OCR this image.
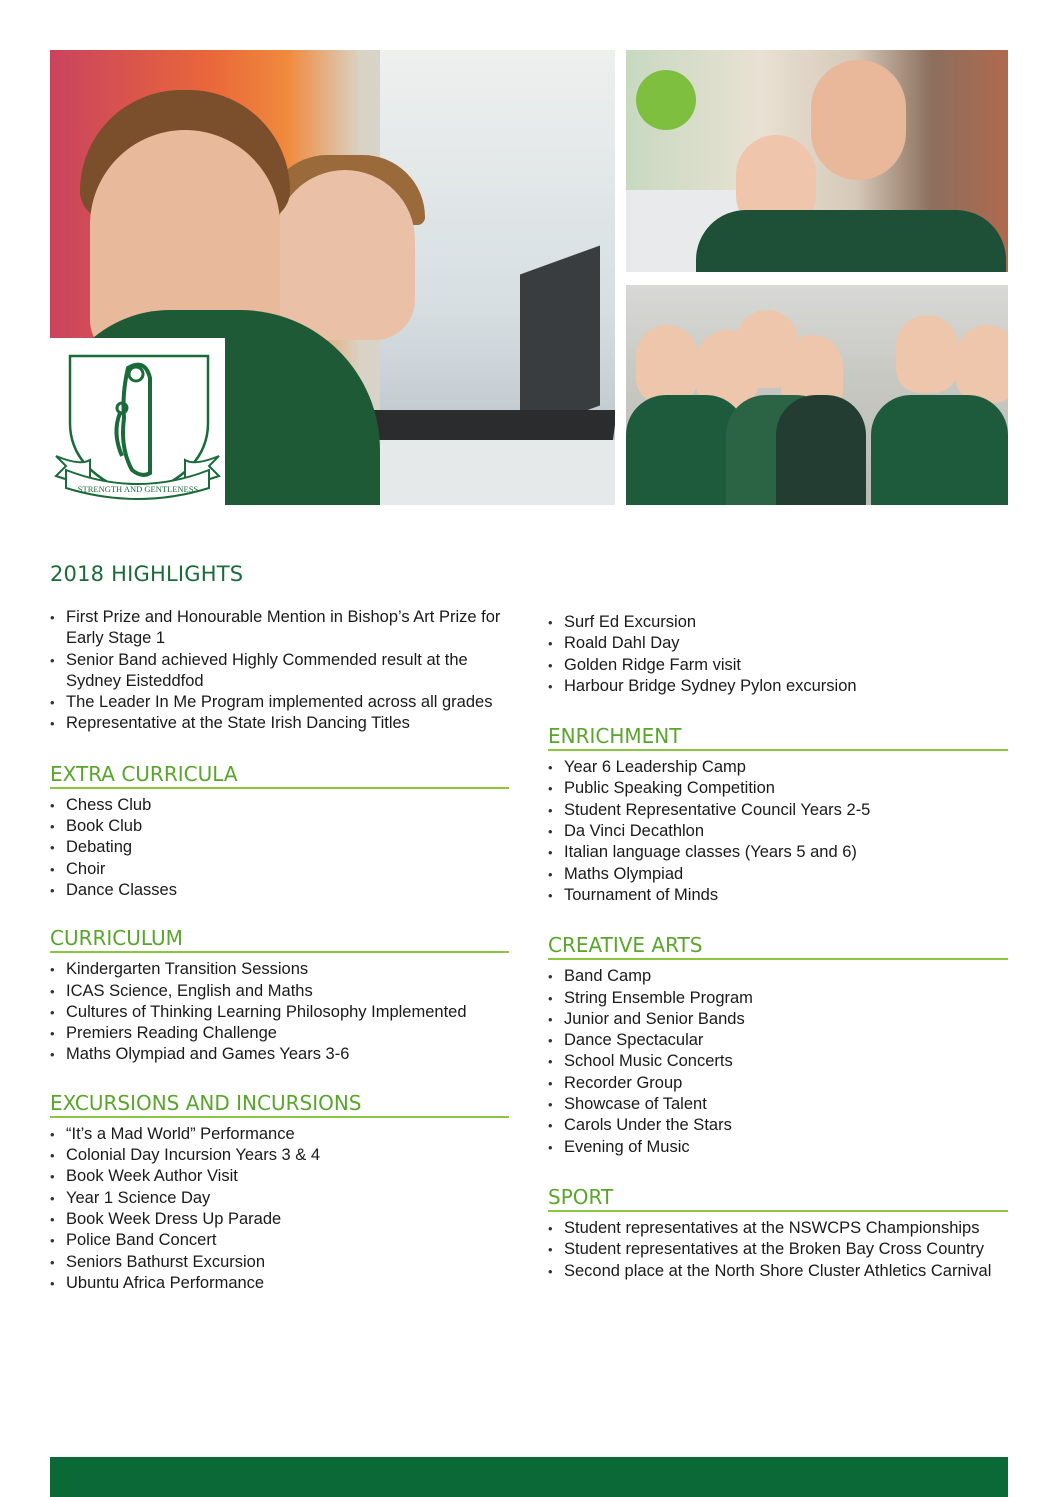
STRENGTH AND GENTLENESS
2018 HIGHLIGHTS
• First Prize and Honourable Mention in Bishop’s Art Prize for Early Stage 1
• Senior Band achieved Highly Commended result at the Sydney Eisteddfod
• The Leader In Me Program implemented across all grades
• Representative at the State Irish Dancing Titles
EXTRA CURRICULA
• Chess Club
• Book Club
• Debating
• Choir
• Dance Classes
CURRICULUM
• Kindergarten Transition Sessions
• ICAS Science, English and Maths
• Cultures of Thinking Learning Philosophy Implemented
• Premiers Reading Challenge
• Maths Olympiad and Games Years 3-6
EXCURSIONS AND INCURSIONS
• “It’s a Mad World” Performance
• Colonial Day Incursion Years 3 & 4
• Book Week Author Visit
• Year 1 Science Day
• Book Week Dress Up Parade
• Police Band Concert
• Seniors Bathurst Excursion
• Ubuntu Africa Performance
• Surf Ed Excursion
• Roald Dahl Day
• Golden Ridge Farm visit
• Harbour Bridge Sydney Pylon excursion
ENRICHMENT
• Year 6 Leadership Camp
• Public Speaking Competition
• Student Representative Council Years 2-5
• Da Vinci Decathlon
• Italian language classes (Years 5 and 6)
• Maths Olympiad
• Tournament of Minds
CREATIVE ARTS
• Band Camp
• String Ensemble Program
• Junior and Senior Bands
• Dance Spectacular
• School Music Concerts
• Recorder Group
• Showcase of Talent
• Carols Under the Stars
• Evening of Music
SPORT
• Student representatives at the NSWCPS Championships
• Student representatives at the Broken Bay Cross Country
• Second place at the North Shore Cluster Athletics Carnival
